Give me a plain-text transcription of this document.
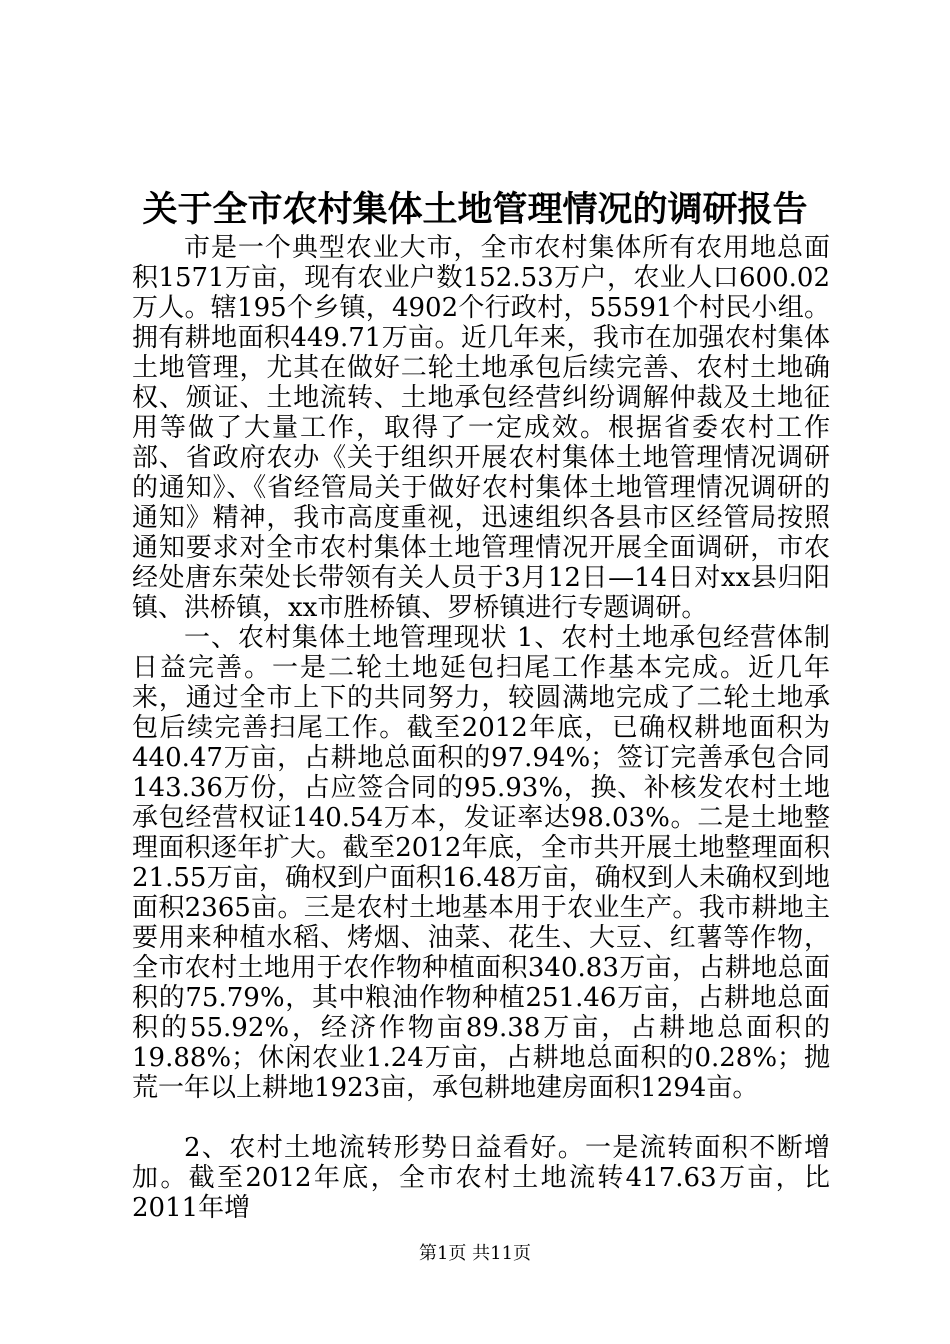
关于全市农村集体土地管理情况的调研报告

市是一个典型农业大市，全市农村集体所有农用地总面积1571万亩，现有农业户数152.53万户，农业人口600.02万人。辖195个乡镇，4902个行政村，55591个村民小组。拥有耕地面积449.71万亩。近几年来，我市在加强农村集体土地管理，尤其在做好二轮土地承包后续完善、农村土地确权、颁证、土地流转、土地承包经营纠纷调解仲裁及土地征用等做了大量工作，取得了一定成效。根据省委农村工作部、省政府农办《关于组织开展农村集体土地管理情况调研的通知》、《省经管局关于做好农村集体土地管理情况调研的通知》精神，我市高度重视，迅速组织各县市区经管局按照通知要求对全市农村集体土地管理情况开展全面调研，市农经处唐东荣处长带领有关人员于3月12日—14日对xx县归阳镇、洪桥镇，xx市胜桥镇、罗桥镇进行专题调研。

一、农村集体土地管理现状 1、农村土地承包经营体制日益完善。一是二轮土地延包扫尾工作基本完成。近几年来，通过全市上下的共同努力，较圆满地完成了二轮土地承包后续完善扫尾工作。截至2012年底，已确权耕地面积为440.47万亩，占耕地总面积的97.94%；签订完善承包合同143.36万份，占应签合同的95.93%，换、补核发农村土地承包经营权证140.54万本，发证率达98.03%。二是土地整理面积逐年扩大。截至2012年底，全市共开展土地整理面积21.55万亩，确权到户面积16.48万亩，确权到人未确权到地面积2365亩。三是农村土地基本用于农业生产。我市耕地主要用来种植水稻、烤烟、油菜、花生、大豆、红薯等作物，全市农村土地用于农作物种植面积340.83万亩，占耕地总面积的75.79%，其中粮油作物种植251.46万亩，占耕地总面积的55.92%，经济作物亩89.38万亩，占耕地总面积的19.88%；休闲农业1.24万亩，占耕地总面积的0.28%；抛荒一年以上耕地1923亩，承包耕地建房面积1294亩。

2、农村土地流转形势日益看好。一是流转面积不断增加。截至2012年底，全市农村土地流转417.63万亩，比2011年增

第1页 共11页
